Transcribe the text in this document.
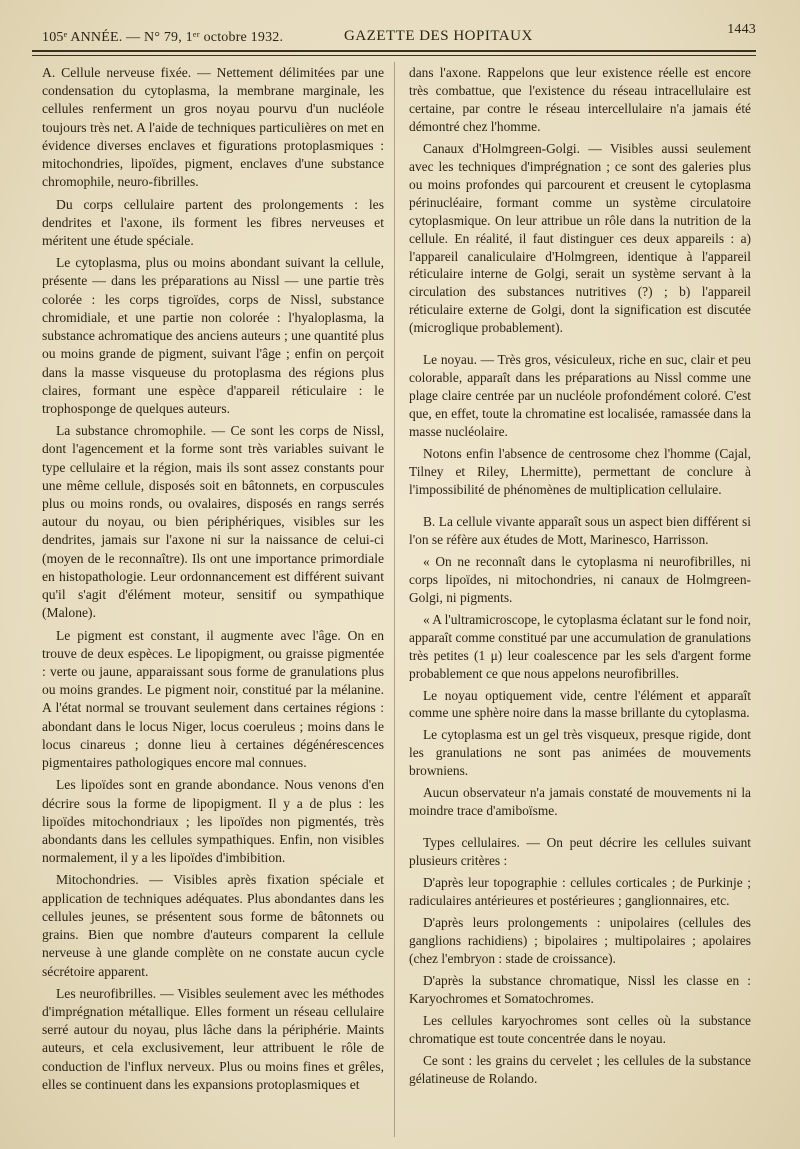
105ᵉ ANNÉE. — N° 79, 1ᵉʳ octobre 1932.	GAZETTE DES HOPITAUX	1443

A. Cellule nerveuse fixée. — Nettement délimitées par une condensation du cytoplasma, la membrane marginale, les cellules renferment un gros noyau pourvu d'un nucléole toujours très net. A l'aide de techniques particulières on met en évidence diverses enclaves et figurations protoplasmiques : mitochondries, lipoïdes, pigment, enclaves d'une substance chromophile, neuro-fibrilles.

Du corps cellulaire partent des prolongements : les dendrites et l'axone, ils forment les fibres nerveuses et méritent une étude spéciale.

Le cytoplasma, plus ou moins abondant suivant la cellule, présente — dans les préparations au Nissl — une partie très colorée : les corps tigroïdes, corps de Nissl, substance chromidiale, et une partie non colorée : l'hyaloplasma, la substance achromatique des anciens auteurs ; une quantité plus ou moins grande de pigment, suivant l'âge ; enfin on perçoit dans la masse visqueuse du protoplasma des régions plus claires, formant une espèce d'appareil réticulaire : le trophosponge de quelques auteurs.

La substance chromophile. — Ce sont les corps de Nissl, dont l'agencement et la forme sont très variables suivant le type cellulaire et la région, mais ils sont assez constants pour une même cellule, disposés soit en bâtonnets, en corpuscules plus ou moins ronds, ou ovalaires, disposés en rangs serrés autour du noyau, ou bien périphériques, visibles sur les dendrites, jamais sur l'axone ni sur la naissance de celui-ci (moyen de le reconnaître). Ils ont une importance primordiale en histopathologie. Leur ordonnancement est différent suivant qu'il s'agit d'élément moteur, sensitif ou sympathique (Malone).

Le pigment est constant, il augmente avec l'âge. On en trouve de deux espèces. Le lipopigment, ou graisse pigmentée : verte ou jaune, apparaissant sous forme de granulations plus ou moins grandes. Le pigment noir, constitué par la mélanine. A l'état normal se trouvant seulement dans certaines régions : abondant dans le locus Niger, locus coeruleus ; moins dans le locus cinareus ; donne lieu à certaines dégénérescences pigmentaires pathologiques encore mal connues.

Les lipoïdes sont en grande abondance. Nous venons d'en décrire sous la forme de lipopigment. Il y a de plus : les lipoïdes mitochondriaux ; les lipoïdes non pigmentés, très abondants dans les cellules sympathiques. Enfin, non visibles normalement, il y a les lipoïdes d'imbibition.

Mitochondries. — Visibles après fixation spéciale et application de techniques adéquates. Plus abondantes dans les cellules jeunes, se présentent sous forme de bâtonnets ou grains. Bien que nombre d'auteurs comparent la cellule nerveuse à une glande complète on ne constate aucun cycle sécrétoire apparent.

Les neurofibrilles. — Visibles seulement avec les méthodes d'imprégnation métallique. Elles forment un réseau cellulaire serré autour du noyau, plus lâche dans la périphérie. Maints auteurs, et cela exclusivement, leur attribuent le rôle de conduction de l'influx nerveux. Plus ou moins fines et grêles, elles se continuent dans les expansions protoplasmiques et

dans l'axone. Rappelons que leur existence réelle est encore très combattue, que l'existence du réseau intracellulaire est certaine, par contre le réseau intercellulaire n'a jamais été démontré chez l'homme.

Canaux d'Holmgreen-Golgi. — Visibles aussi seulement avec les techniques d'imprégnation ; ce sont des galeries plus ou moins profondes qui parcourent et creusent le cytoplasma périnucléaire, formant comme un système circulatoire cytoplasmique. On leur attribue un rôle dans la nutrition de la cellule. En réalité, il faut distinguer ces deux appareils : a) l'appareil canaliculaire d'Holmgreen, identique à l'appareil réticulaire interne de Golgi, serait un système servant à la circulation des substances nutritives (?) ; b) l'appareil réticulaire externe de Golgi, dont la signification est discutée (microglique probablement).

Le noyau. — Très gros, vésiculeux, riche en suc, clair et peu colorable, apparaît dans les préparations au Nissl comme une plage claire centrée par un nucléole profondément coloré. C'est que, en effet, toute la chromatine est localisée, ramassée dans la masse nucléolaire.

Notons enfin l'absence de centrosome chez l'homme (Cajal, Tilney et Riley, Lhermitte), permettant de conclure à l'impossibilité de phénomènes de multiplication cellulaire.

B. La cellule vivante apparaît sous un aspect bien différent si l'on se réfère aux études de Mott, Marinesco, Harrisson.

« On ne reconnaît dans le cytoplasma ni neurofibrilles, ni corps lipoïdes, ni mitochondries, ni canaux de Holmgreen-Golgi, ni pigments.

« A l'ultramicroscope, le cytoplasma éclatant sur le fond noir, apparaît comme constitué par une accumulation de granulations très petites (1 μ) leur coalescence par les sels d'argent forme probablement ce que nous appelons neurofibrilles.

Le noyau optiquement vide, centre l'élément et apparaît comme une sphère noire dans la masse brillante du cytoplasma.

Le cytoplasma est un gel très visqueux, presque rigide, dont les granulations ne sont pas animées de mouvements browniens.

Aucun observateur n'a jamais constaté de mouvements ni la moindre trace d'amiboïsme.

Types cellulaires. — On peut décrire les cellules suivant plusieurs critères :

D'après leur topographie : cellules corticales ; de Purkinje ; radiculaires antérieures et postérieures ; ganglionnaires, etc.

D'après leurs prolongements : unipolaires (cellules des ganglions rachidiens) ; bipolaires ; multipolaires ; apolaires (chez l'embryon : stade de croissance).

D'après la substance chromatique, Nissl les classe en : Karyochromes et Somatochromes.

Les cellules karyochromes sont celles où la substance chromatique est toute concentrée dans le noyau.

Ce sont : les grains du cervelet ; les cellules de la substance gélatineuse de Rolando.
